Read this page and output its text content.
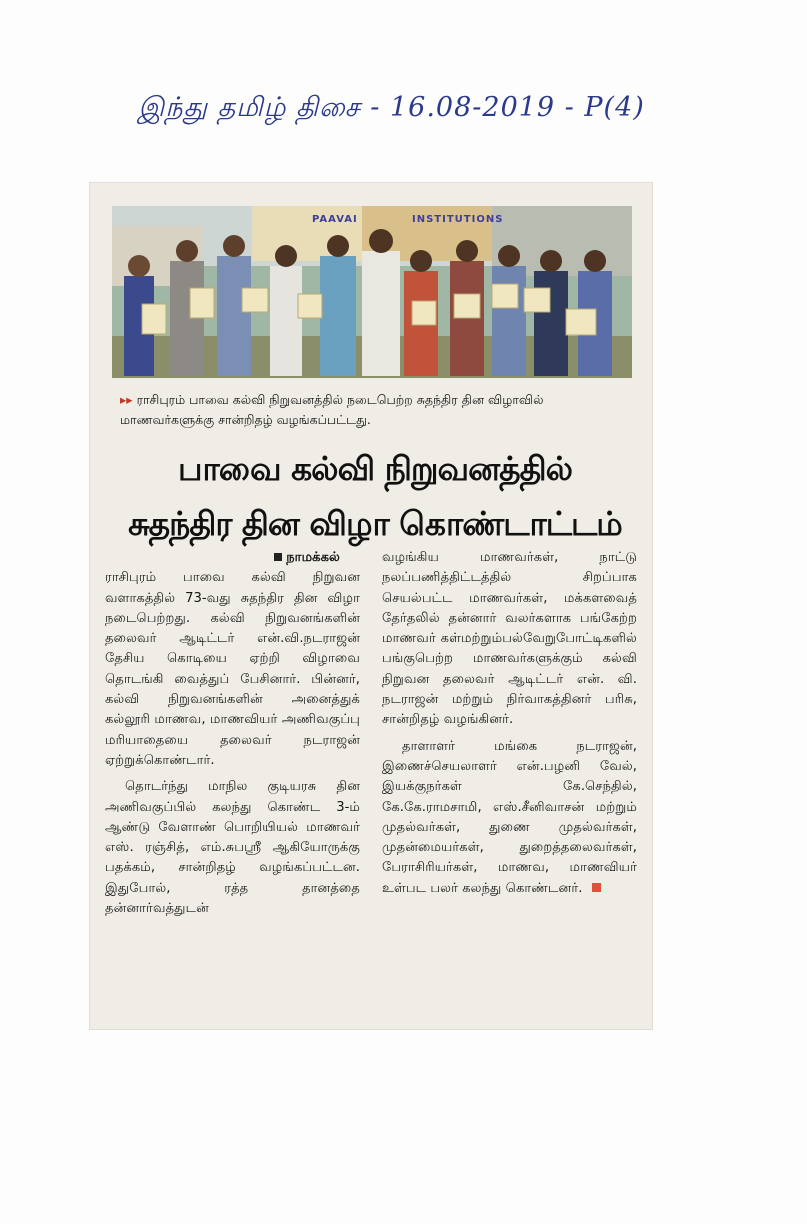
இந்து தமிழ் திசை - 16.08-2019 - P(4)
PAAVAI	INSTITUTIONS
▸▸ ராசிபுரம் பாவை கல்வி நிறுவனத்தில் நடைபெற்ற சுதந்திர தின விழாவில் மாணவர்களுக்கு சான்றிதழ் வழங்கப்பட்டது.
பாவை கல்வி நிறுவனத்தில்
சுதந்திர தின விழா கொண்டாட்டம்
நாமக்கல்

ராசிபுரம் பாவை கல்வி நிறுவன வளாகத்தில் 73-வது சுதந்திர தின விழா நடைபெற்றது. கல்வி நிறுவனங்களின் தலைவர் ஆடிட்டர் என்.வி.நடராஜன் தேசிய கொடியை ஏற்றி விழாவை தொடங்கி வைத்துப் பேசினார். பின்னர், கல்வி நிறுவனங்களின் அனைத்துக் கல்லூரி மாணவ, மாணவியர் அணிவகுப்பு மரியாதையை தலைவர் நடராஜன் ஏற்றுக்கொண்டார்.

தொடர்ந்து மாநில குடியரசு தின அணிவகுப்பில் கலந்து கொண்ட 3-ம் ஆண்டு வேளாண் பொறியியல் மாணவர் எஸ். ரஞ்சித், எம்.சுபஸ்ரீ ஆகியோருக்கு பதக்கம், சான்றிதழ் வழங்கப்பட்டன. இதுபோல், ரத்த தானத்தை தன்னார்வத்துடன்

வழங்கிய மாணவர்கள், நாட்டு நலப்பணித்திட்டத்தில் சிறப்பாக செயல்பட்ட மாணவர்கள், மக்களவைத் தேர்தலில் தன்னார் வலர்களாக பங்கேற்ற மாணவர் கள்மற்றும்பல்வேறுபோட்டிகளில் பங்குபெற்ற மாணவர்களுக்கும் கல்வி நிறுவன தலைவர் ஆடிட்டர் என். வி. நடராஜன் மற்றும் நிர்வாகத்தினர் பரிசு, சான்றிதழ் வழங்கினர்.

தாளாளர் மங்கை நடராஜன், இணைச்செயலாளர் என்.பழனி வேல், இயக்குநர்கள் கே.செந்தில், கே.கே.ராமசாமி, எஸ்.சீனிவாசன் மற்றும் முதல்வர்கள், துணை முதல்வர்கள், முதன்மையர்கள், துறைத்தலைவர்கள், பேராசிரியர்கள், மாணவ, மாணவியர் உள்பட பலர் கலந்து கொண்டனர்.
